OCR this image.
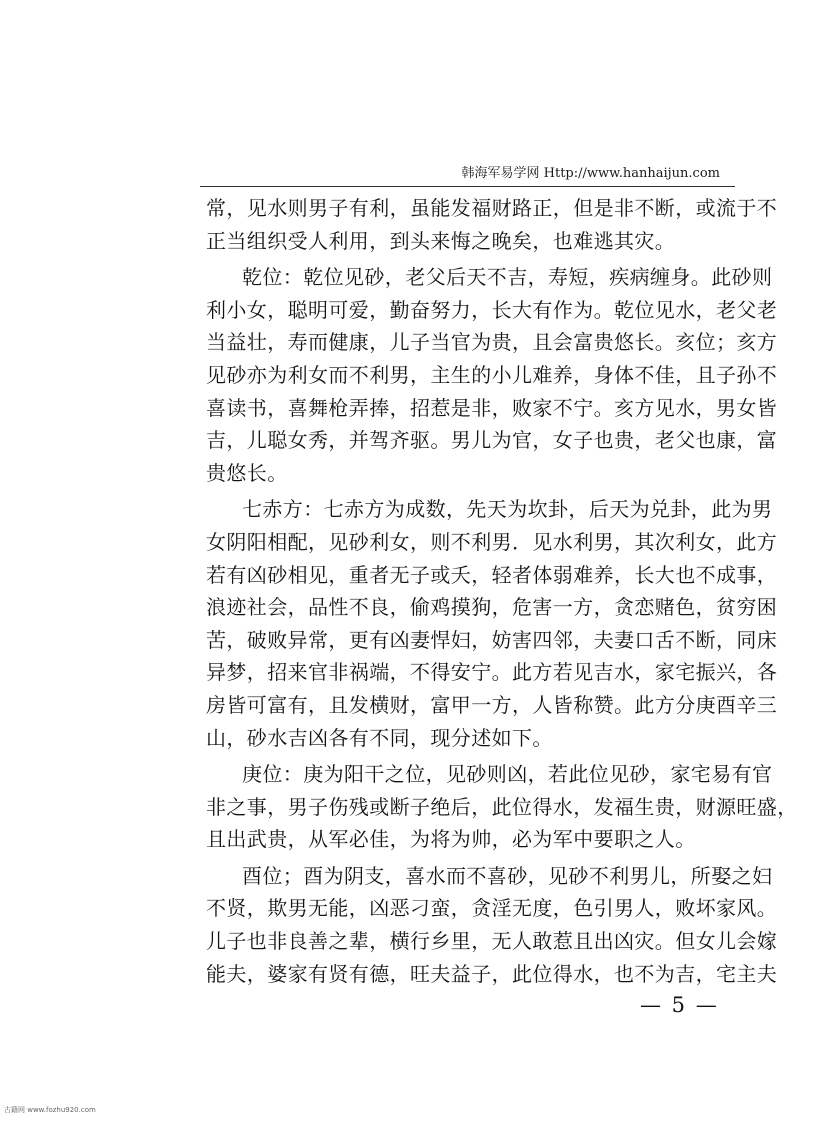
韩海军易学网 Http://www.hanhaijun.com
常，见水则男子有利，虽能发福财路正，但是非不断，或流于不
正当组织受人利用，到头来悔之晚矣，也难逃其灾。
乾位：乾位见砂，老父后天不吉，寿短，疾病缠身。此砂则
利小女，聪明可爱，勤奋努力，长大有作为。乾位见水，老父老
当益壮，寿而健康，儿子当官为贵，且会富贵悠长。亥位；亥方
见砂亦为利女而不利男，主生的小儿难养，身体不佳，且子孙不
喜读书，喜舞枪弄捧，招惹是非，败家不宁。亥方见水，男女皆
吉，儿聪女秀，并驾齐驱。男儿为官，女子也贵，老父也康，富
贵悠长。
七赤方：七赤方为成数，先天为坎卦，后天为兑卦，此为男
女阴阳相配，见砂利女，则不利男．见水利男，其次利女，此方
若有凶砂相见，重者无子或夭，轻者体弱难养，长大也不成事，
浪迹社会，品性不良，偷鸡摸狗，危害一方，贪恋赌色，贫穷困
苦，破败异常，更有凶妻悍妇，妨害四邻，夫妻口舌不断，同床
异梦，招来官非祸端，不得安宁。此方若见吉水，家宅振兴，各
房皆可富有，且发横财，富甲一方，人皆称赞。此方分庚酉辛三
山，砂水吉凶各有不同，现分述如下。
庚位：庚为阳干之位，见砂则凶，若此位见砂，家宅易有官
非之事，男子伤残或断子绝后，此位得水，发福生贵，财源旺盛，
且出武贵，从军必佳，为将为帅，必为军中要职之人。
酉位；酉为阴支，喜水而不喜砂，见砂不利男儿，所娶之妇
不贤，欺男无能，凶恶刁蛮，贪淫无度，色引男人，败坏家风。
儿子也非良善之辈，横行乡里，无人敢惹且出凶灾。但女儿会嫁
能夫，婆家有贤有德，旺夫益子，此位得水，也不为吉，宅主夫
— 5 —
古籍网 www.fozhu920.com
